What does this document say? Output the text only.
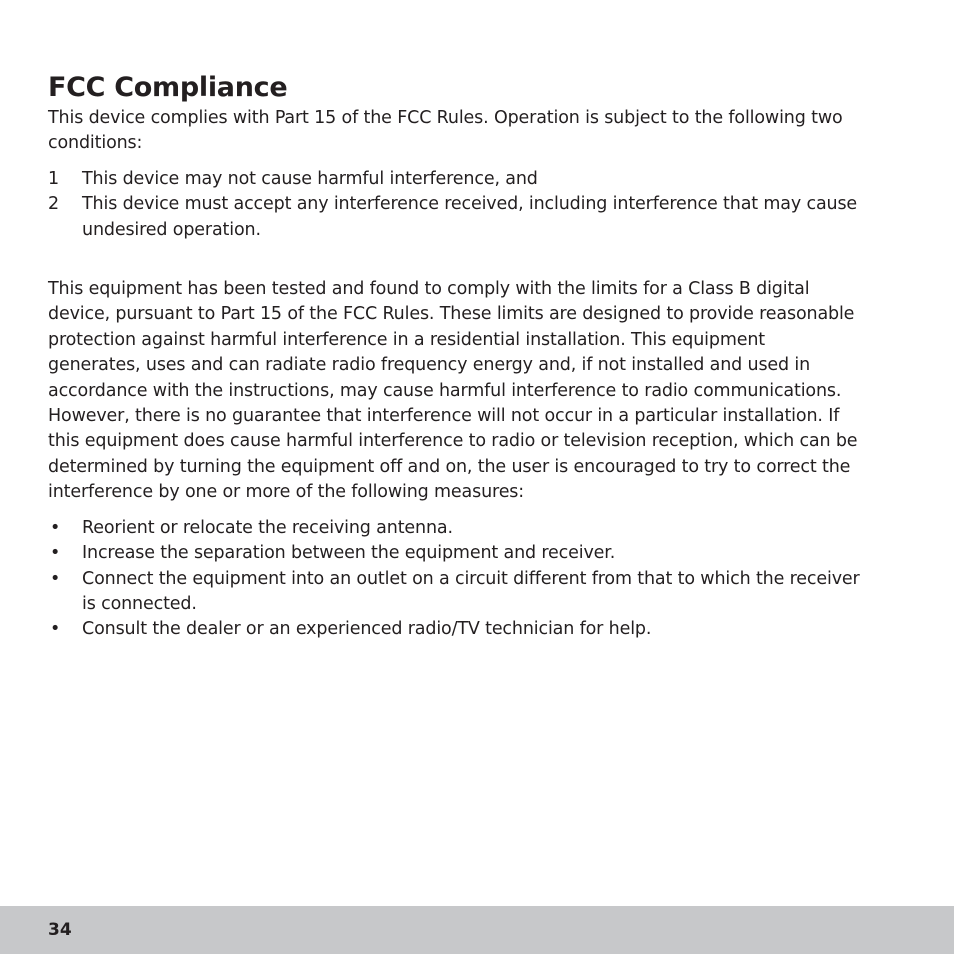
FCC Compliance

This device complies with Part 15 of the FCC Rules. Operation is subject to the following two conditions:

1 This device may not cause harmful interference, and
2 This device must accept any interference received, including interference that may cause undesired operation.

This equipment has been tested and found to comply with the limits for a Class B digital device, pursuant to Part 15 of the FCC Rules. These limits are designed to provide reasonable protection against harmful interference in a residential installation. This equipment generates, uses and can radiate radio frequency energy and, if not installed and used in accordance with the instructions, may cause harmful interference to radio communications. However, there is no guarantee that interference will not occur in a particular installation. If this equipment does cause harmful interference to radio or television reception, which can be determined by turning the equipment off and on, the user is encouraged to try to correct the interference by one or more of the following measures:

• Reorient or relocate the receiving antenna.
• Increase the separation between the equipment and receiver.
• Connect the equipment into an outlet on a circuit different from that to which the receiver is connected.
• Consult the dealer or an experienced radio/TV technician for help.
34
